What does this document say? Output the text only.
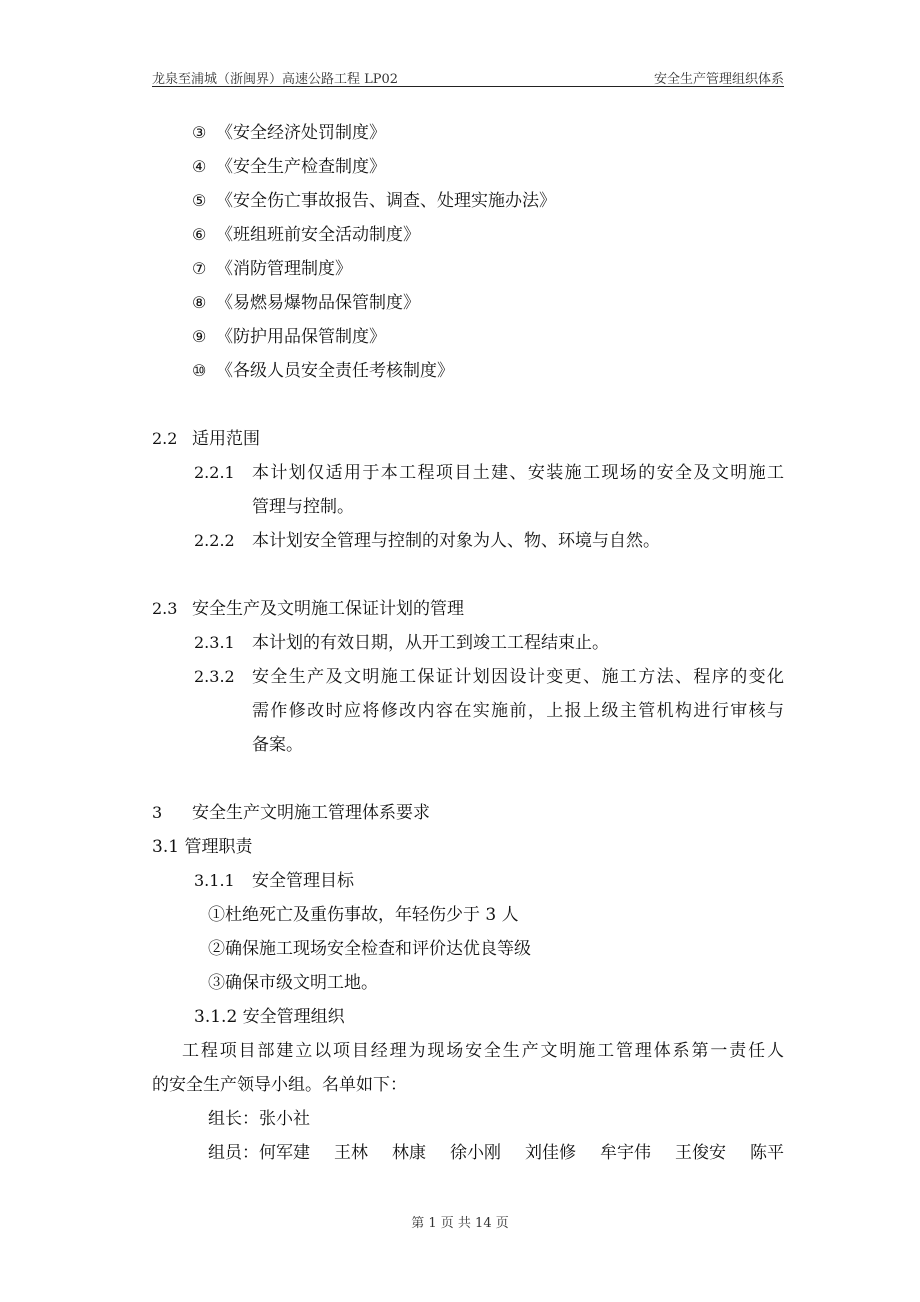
龙泉至浦城（浙闽界）高速公路工程 LP02	安全生产管理组织体系
③ 《安全经济处罚制度》
④ 《安全生产检查制度》
⑤ 《安全伤亡事故报告、调查、处理实施办法》
⑥ 《班组班前安全活动制度》
⑦ 《消防管理制度》
⑧ 《易燃易爆物品保管制度》
⑨ 《防护用品保管制度》
⑩ 《各级人员安全责任考核制度》
2.2 适用范围
2.2.1 本计划仅适用于本工程项目土建、安装施工现场的安全及文明施工
管理与控制。
2.2.2 本计划安全管理与控制的对象为人、物、环境与自然。
2.3 安全生产及文明施工保证计划的管理
2.3.1 本计划的有效日期，从开工到竣工工程结束止。
2.3.2 安全生产及文明施工保证计划因设计变更、施工方法、程序的变化
需作修改时应将修改内容在实施前，上报上级主管机构进行审核与
备案。
3 安全生产文明施工管理体系要求
3.1 管理职责
3.1.1 安全管理目标
①杜绝死亡及重伤事故，年轻伤少于 3 人
②确保施工现场安全检查和评价达优良等级
③确保市级文明工地。
3.1.2 安全管理组织
工程项目部建立以项目经理为现场安全生产文明施工管理体系第一责任人
的安全生产领导小组。名单如下：
组长：张小社
组员：何军建 王林 林康 徐小刚 刘佳修 牟宇伟 王俊安 陈平
第 1 页 共 14 页
